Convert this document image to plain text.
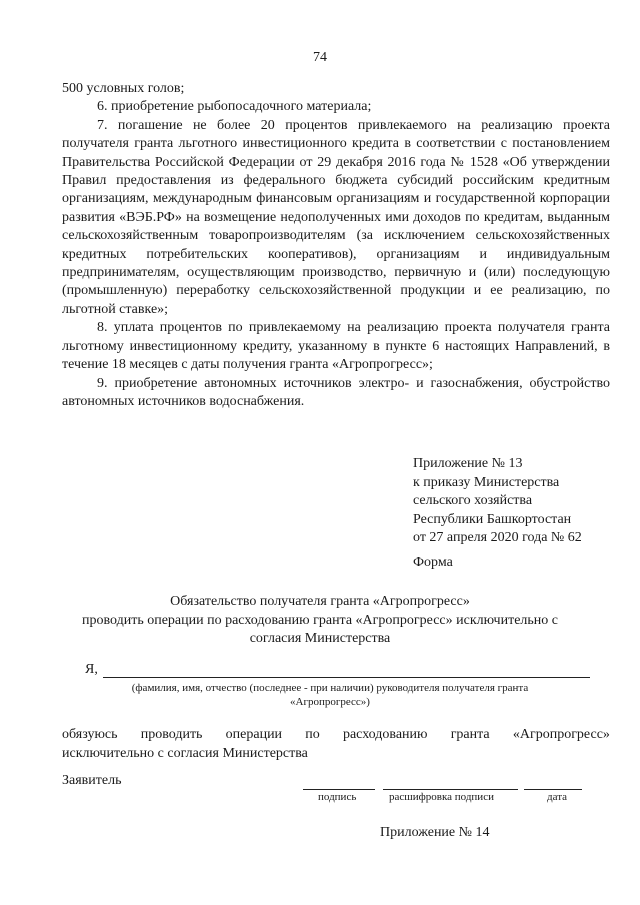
74

500 условных голов;

6. приобретение рыбопосадочного материала;

7. погашение не более 20 процентов привлекаемого на реализацию проекта получателя гранта льготного инвестиционного кредита в соответствии с постановлением Правительства Российской Федерации от 29 декабря 2016 года № 1528 «Об утверждении Правил предоставления из федерального бюджета субсидий российским кредитным организациям, международным финансовым организациям и государственной корпорации развития «ВЭБ.РФ» на возмещение недополученных ими доходов по кредитам, выданным сельскохозяйственным товаропроизводителям (за исключением сельскохозяйственных кредитных потребительских кооперативов), организациям и индивидуальным предпринимателям, осуществляющим производство, первичную и (или) последующую (промышленную) переработку сельскохозяйственной продукции и ее реализацию, по льготной ставке»;

8. уплата процентов по привлекаемому на реализацию проекта получателя гранта льготному инвестиционному кредиту, указанному в пункте 6 настоящих Направлений, в течение 18 месяцев с даты получения гранта «Агропрогресс»;

9. приобретение автономных источников электро- и газоснабжения, обустройство автономных источников водоснабжения.

Приложение № 13
к приказу Министерства
сельского хозяйства
Республики Башкортостан
от 27 апреля 2020 года № 62
Форма
Обязательство получателя гранта «Агропрогресс»
проводить операции по расходованию гранта «Агропрогресс» исключительно с
согласия Министерства
Я,
(фамилия, имя, отчество (последнее - при наличии) руководителя получателя гранта
«Агропрогресс»)
обязуюсь проводить операции по расходованию гранта «Агропрогресс»
исключительно с согласия Министерства
Заявитель
подпись	расшифровка подписи	дата
Приложение № 14
